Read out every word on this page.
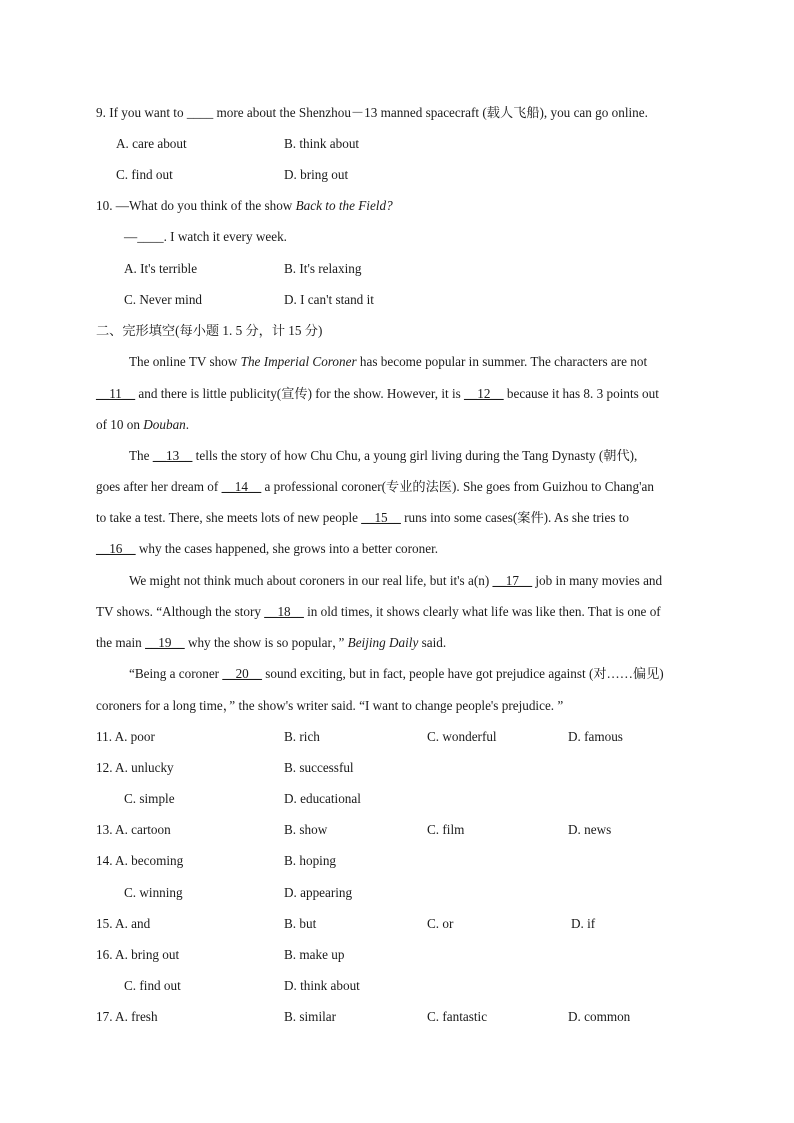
9. If you want to ____ more about the Shenzhou－13 manned spacecraft (载人飞船), you can go online.
A. care about	B. think about
C. find out	D. bring out
10. —What do you think of the show Back to the Field?
—____. I watch it every week.
A. It's terrible	B. It's relaxing
C. Never mind	D. I can't stand it
二、完形填空(每小题 1. 5 分，计 15 分)
The online TV show The Imperial Coroner has become popular in summer. The characters are not
__11__ and there is little publicity(宣传) for the show. However, it is __12__ because it has 8. 3 points out
of 10 on Douban.
The __13__ tells the story of how Chu Chu, a young girl living during the Tang Dynasty (朝代),
goes after her dream of __14__ a professional coroner(专业的法医). She goes from Guizhou to Chang'an
to take a test. There, she meets lots of new people __15__ runs into some cases(案件). As she tries to
__16__ why the cases happened, she grows into a better coroner.
We might not think much about coroners in our real life, but it's a(n) __17__ job in many movies and
TV shows. “Although the story __18__ in old times, it shows clearly what life was like then. That is one of
the main __19__ why the show is so popular，” Beijing Daily said.
“Being a coroner __20__ sound exciting, but in fact, people have got prejudice against (对……偏见)
coroners for a long time，” the show's writer said. “I want to change people's prejudice. ”
11. A. poor	B. rich	C. wonderful	D. famous
12. A. unlucky	B. successful
C. simple	D. educational
13. A. cartoon	B. show	C. film	D. news
14. A. becoming	B. hoping
C. winning	D. appearing
15. A. and	B. but	C. or	D. if
16. A. bring out	B. make up
C. find out	D. think about
17. A. fresh	B. similar	C. fantastic	D. common
